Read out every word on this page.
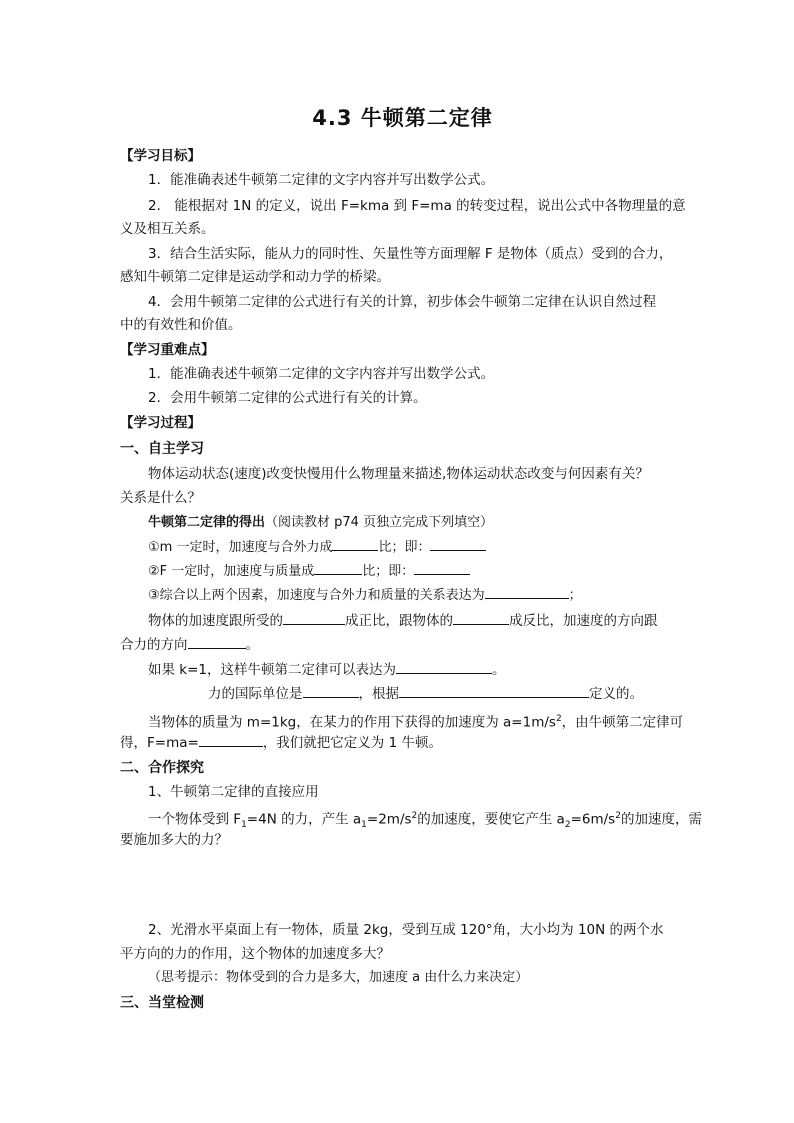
4.3 牛顿第二定律
【学习目标】
1．能准确表述牛顿第二定律的文字内容并写出数学公式。
2． 能根据对 1N 的定义，说出 F=kma 到 F=ma 的转变过程，说出公式中各物理量的意
义及相互关系。
3．结合生活实际，能从力的同时性、矢量性等方面理解 F 是物体（质点）受到的合力，
感知牛顿第二定律是运动学和动力学的桥梁。
4．会用牛顿第二定律的公式进行有关的计算，初步体会牛顿第二定律在认识自然过程
中的有效性和价值。
【学习重难点】
1．能准确表述牛顿第二定律的文字内容并写出数学公式。
2．会用牛顿第二定律的公式进行有关的计算。
【学习过程】
一、自主学习
物体运动状态(速度)改变快慢用什么物理量来描述,物体运动状态改变与何因素有关？
关系是什么？
牛顿第二定律的得出（阅读教材 p74 页独立完成下列填空）
①m 一定时，加速度与合外力成	比；即：
②F 一定时，加速度与质量成	比；即：
③综合以上两个因素，加速度与合外力和质量的关系表达为	；
物体的加速度跟所受的	成正比，跟物体的	成反比，加速度的方向跟
合力的方向	。
如果 k=1，这样牛顿第二定律可以表达为	。
力的国际单位是	，根据	定义的。
当物体的质量为 m=1kg，在某力的作用下获得的加速度为 $a=1m/s^2$，由牛顿第二定律可
得，F=ma=	，我们就把它定义为 1 牛顿。
二、合作探究
1、牛顿第二定律的直接应用
一个物体受到 $F_1=4N$ 的力，产生 $a_1=2m/s^2$的加速度，要使它产生 $a_2=6m/s^2$的加速度，需
要施加多大的力？
2、光滑水平桌面上有一物体，质量 2kg，受到互成 120°角，大小均为 10N 的两个水
平方向的力的作用，这个物体的加速度多大？
（思考提示：物体受到的合力是多大，加速度 a 由什么力来决定）
三、当堂检测
